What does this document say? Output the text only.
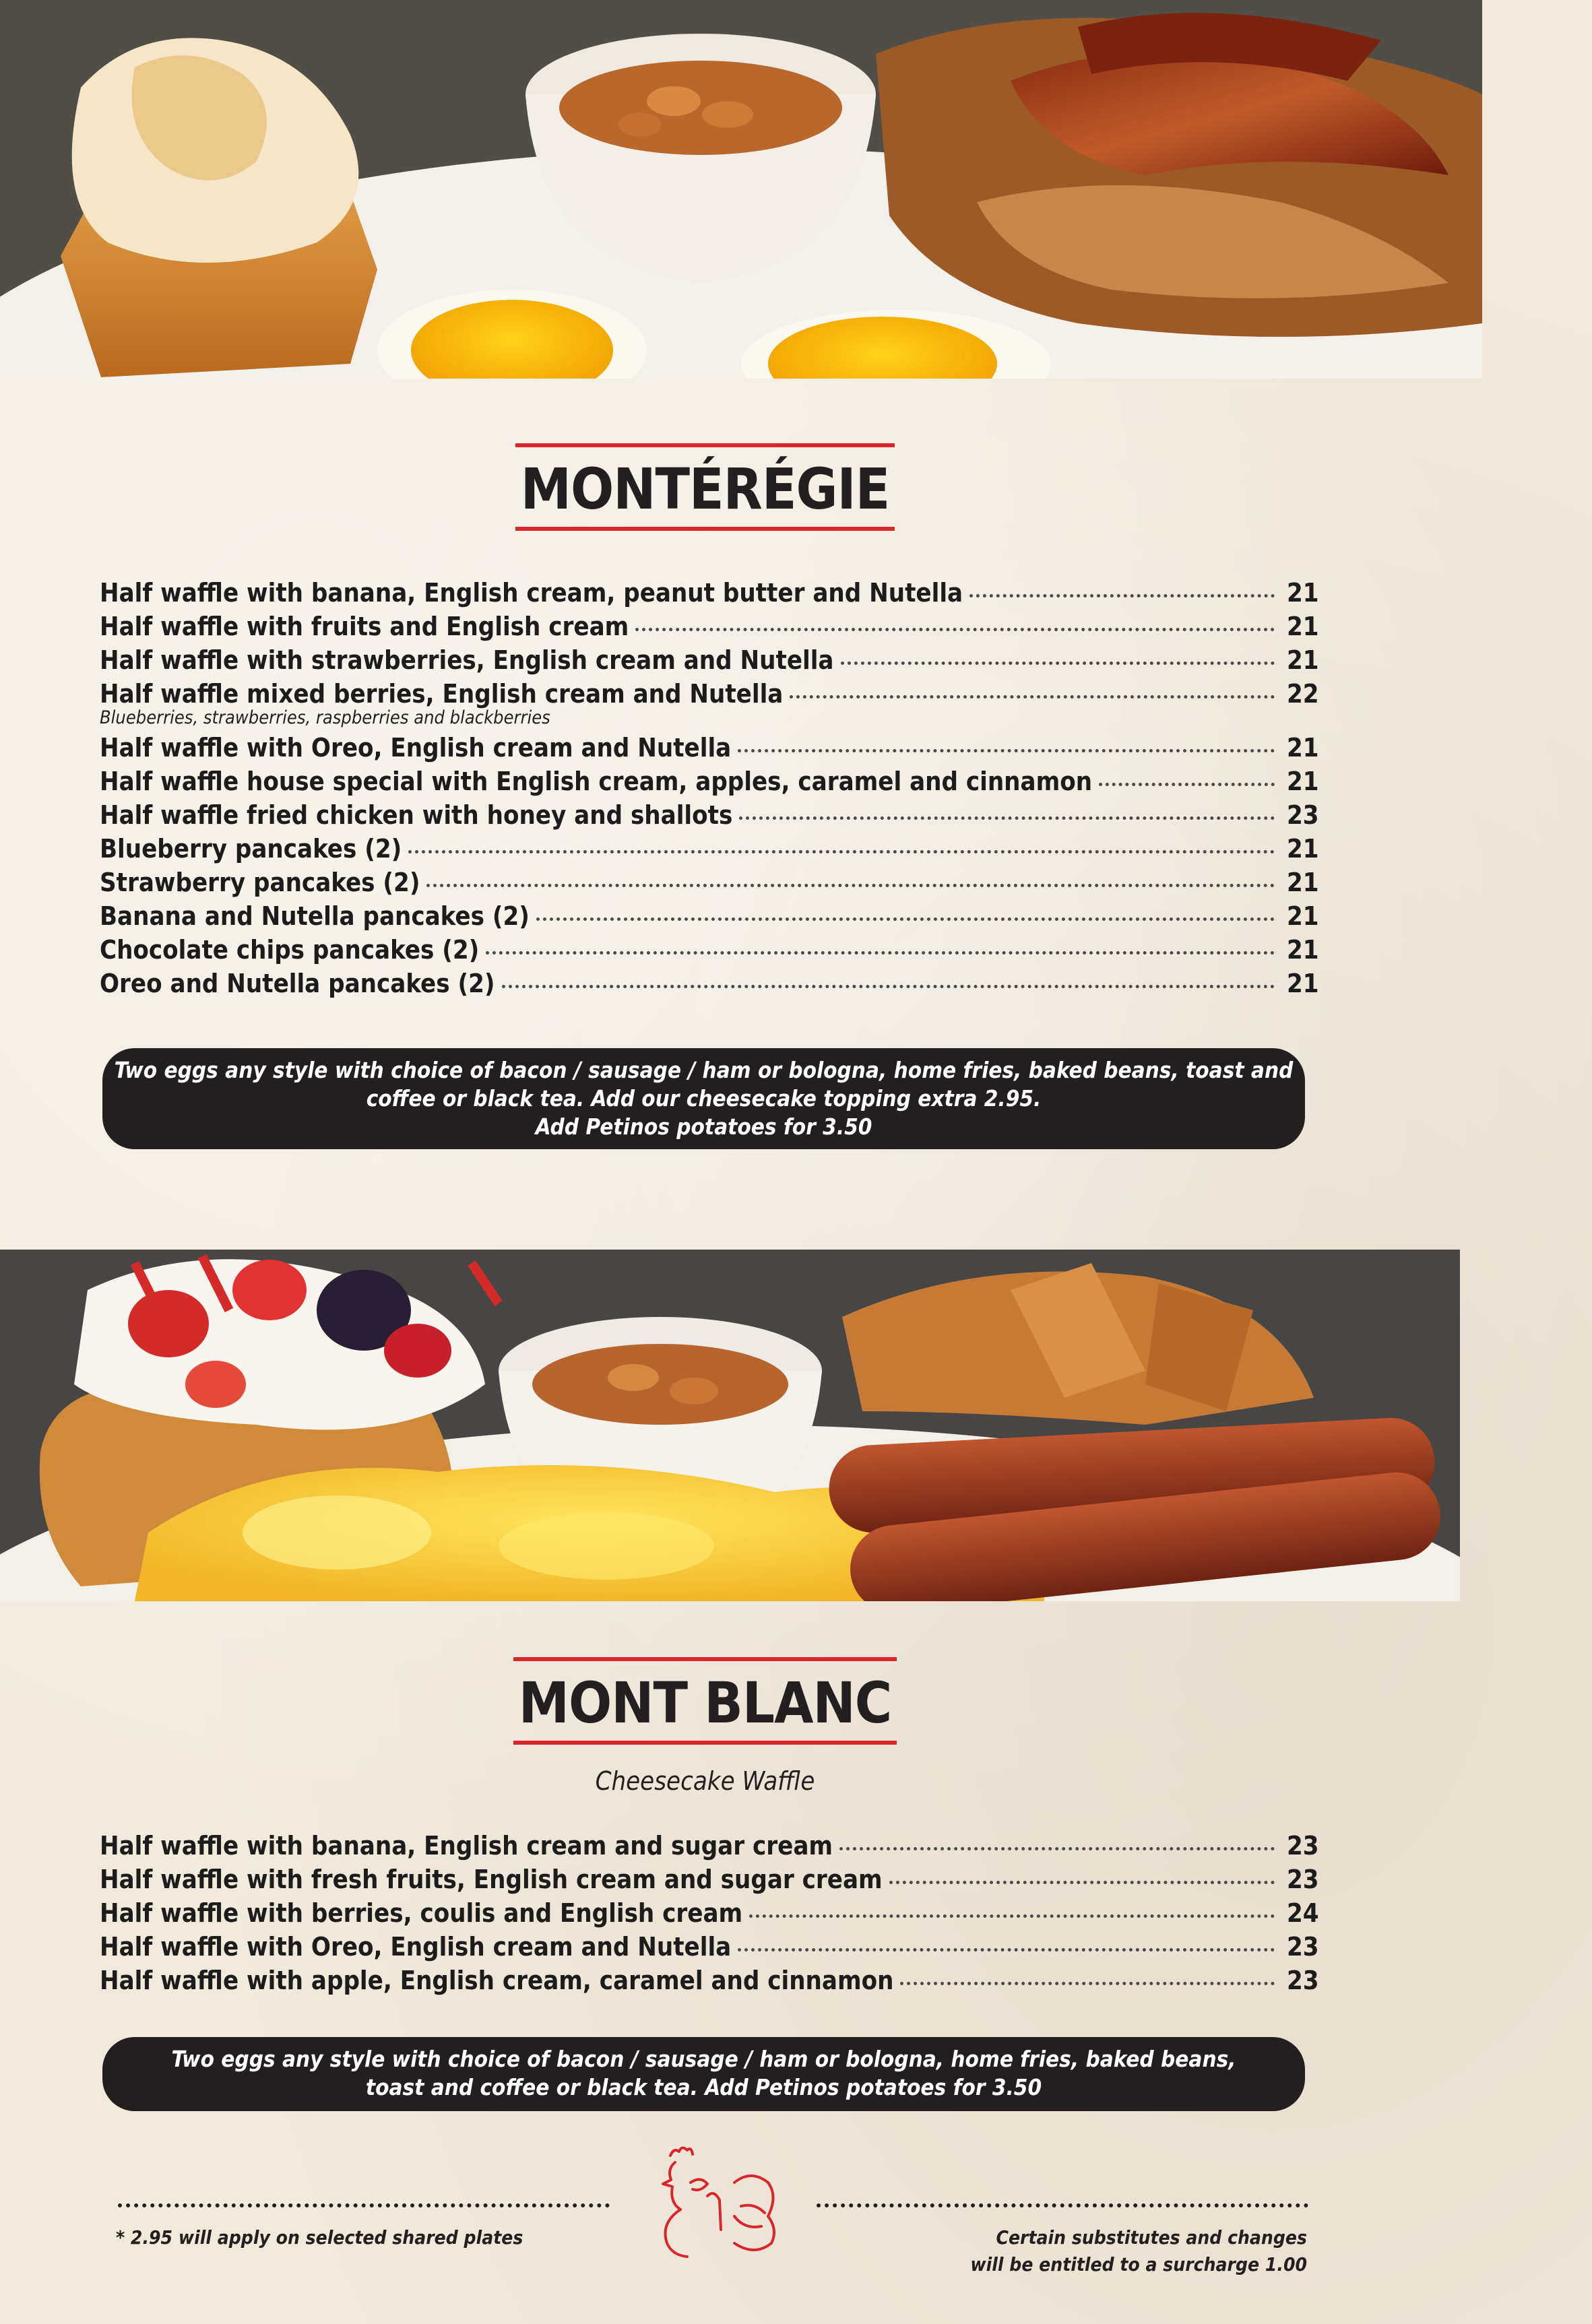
MONTÉRÉGIE
Half waffle with banana, English cream, peanut butter and Nutella	21
Half waffle with fruits and English cream	21
Half waffle with strawberries, English cream and Nutella	21
Half waffle mixed berries, English cream and Nutella	22
Blueberries, strawberries, raspberries and blackberries
Half waffle with Oreo, English cream and Nutella	21
Half waffle house special with English cream, apples, caramel and cinnamon	21
Half waffle fried chicken with honey and shallots	23
Blueberry pancakes (2)	21
Strawberry pancakes (2)	21
Banana and Nutella pancakes (2)	21
Chocolate chips pancakes (2)	21
Oreo and Nutella pancakes (2)	21
Two eggs any style with choice of bacon / sausage / ham or bologna, home fries, baked beans, toast and
coffee or black tea. Add our cheesecake topping extra 2.95.
Add Petinos potatoes for 3.50
MONT BLANC
Cheesecake Waffle
Half waffle with banana, English cream and sugar cream	23
Half waffle with fresh fruits, English cream and sugar cream	23
Half waffle with berries, coulis and English cream	24
Half waffle with Oreo, English cream and Nutella	23
Half waffle with apple, English cream, caramel and cinnamon	23
Two eggs any style with choice of bacon / sausage / ham or bologna, home fries, baked beans,
toast and coffee or black tea. Add Petinos potatoes for 3.50
* 2.95 will apply on selected shared plates	Certain substitutes and changes
will be entitled to a surcharge 1.00
